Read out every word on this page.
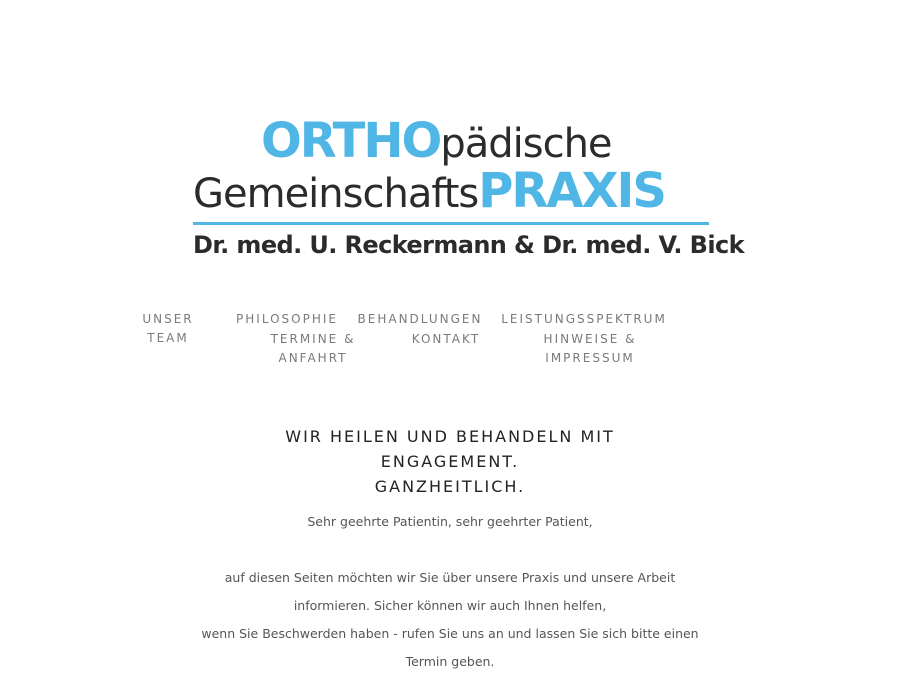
ORTHOpädische
GemeinschaftsPRAXIS
Dr. med. U. Reckermann & Dr. med. V. Bick
UNSER TEAM
PHILOSOPHIE	BEHANDLUNGEN	LEISTUNGSSPEKTRUM
TERMINE & ANFAHRT
KONTAKT	HINWEISE & IMPRESSUM
WIR HEILEN UND BEHANDELN MIT
ENGAGEMENT.
GANZHEITLICH.

Sehr geehrte Patientin, sehr geehrter Patient,

auf diesen Seiten möchten wir Sie über unsere Praxis und unsere Arbeit

informieren. Sicher können wir auch Ihnen helfen,

wenn Sie Beschwerden haben - rufen Sie uns an und lassen Sie sich bitte einen

Termin geben.
